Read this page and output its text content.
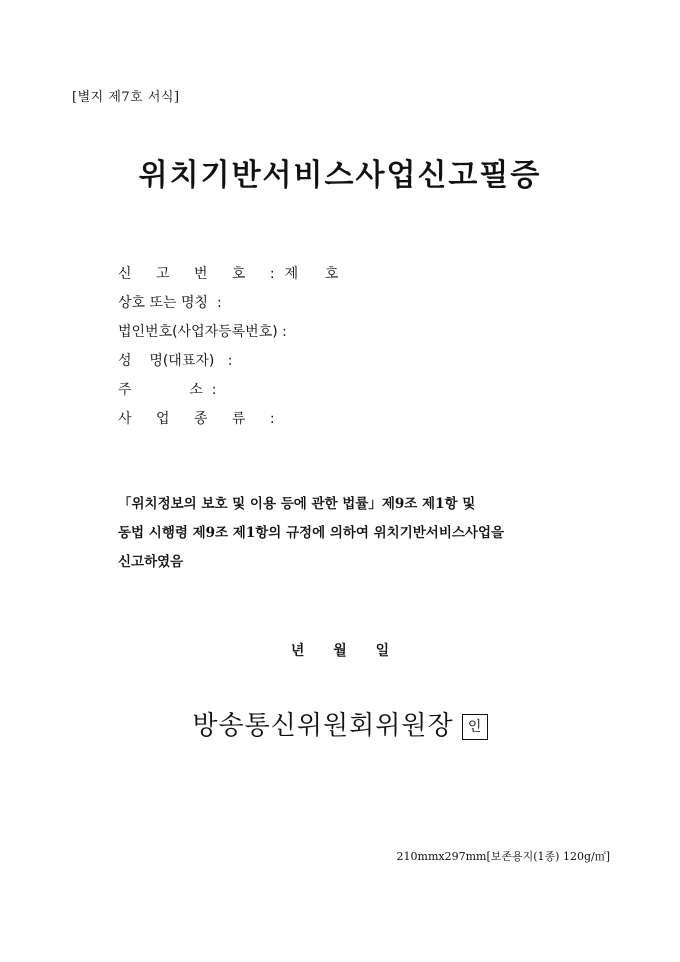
[별지 제7호 서식]
위치기반서비스사업신고필증
신 고 번 호 :제      호
상호 또는 명칭  :
법인번호(사업자등록번호) :
성    명(대표자)   :
주             소  :
사 업 종 류 :
「위치정보의 보호 및 이용 등에 관한 법률」제9조 제1항 및
동법 시행령 제9조 제1항의 규정에 의하여 위치기반서비스사업을
신고하였음
년 월 일
방송통신위원회위원장 인
210mmx297mm[보존용지(1종) 120g/㎡]
